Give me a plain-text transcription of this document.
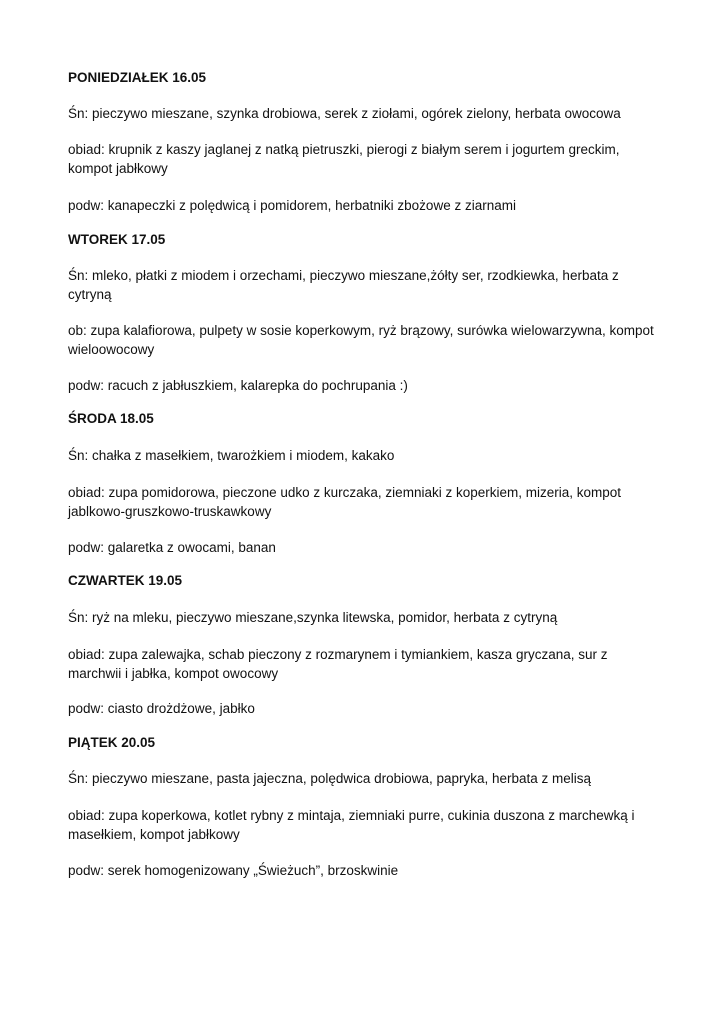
PONIEDZIAŁEK 16.05
Śn: pieczywo mieszane, szynka drobiowa, serek z ziołami, ogórek zielony, herbata owocowa
obiad: krupnik z kaszy jaglanej z natką pietruszki, pierogi z białym serem i jogurtem greckim, kompot jabłkowy
podw: kanapeczki z polędwicą i pomidorem, herbatniki zbożowe z ziarnami
WTOREK 17.05
Śn: mleko, płatki z miodem i orzechami, pieczywo mieszane,żółty ser, rzodkiewka, herbata z cytryną
ob: zupa kalafiorowa, pulpety w sosie koperkowym, ryż brązowy, surówka wielowarzywna, kompot wieloowocowy
podw: racuch z jabłuszkiem, kalarepka do pochrupania :)
ŚRODA 18.05
Śn: chałka z masełkiem, twarożkiem i miodem, kakako
obiad: zupa pomidorowa, pieczone udko z kurczaka, ziemniaki z koperkiem, mizeria, kompot jablkowo-gruszkowo-truskawkowy
podw: galaretka z owocami, banan
CZWARTEK 19.05
Śn: ryż na mleku, pieczywo mieszane,szynka litewska, pomidor, herbata z cytryną
obiad: zupa zalewajka, schab pieczony z rozmarynem i tymiankiem, kasza gryczana, sur z marchwii i jabłka, kompot owocowy
podw: ciasto drożdżowe, jabłko
PIĄTEK 20.05
Śn: pieczywo mieszane, pasta jajeczna, polędwica drobiowa, papryka, herbata z melisą
obiad: zupa koperkowa, kotlet rybny z mintaja, ziemniaki purre, cukinia duszona z marchewką i masełkiem, kompot jabłkowy
podw: serek homogenizowany „Świeżuch”, brzoskwinie
